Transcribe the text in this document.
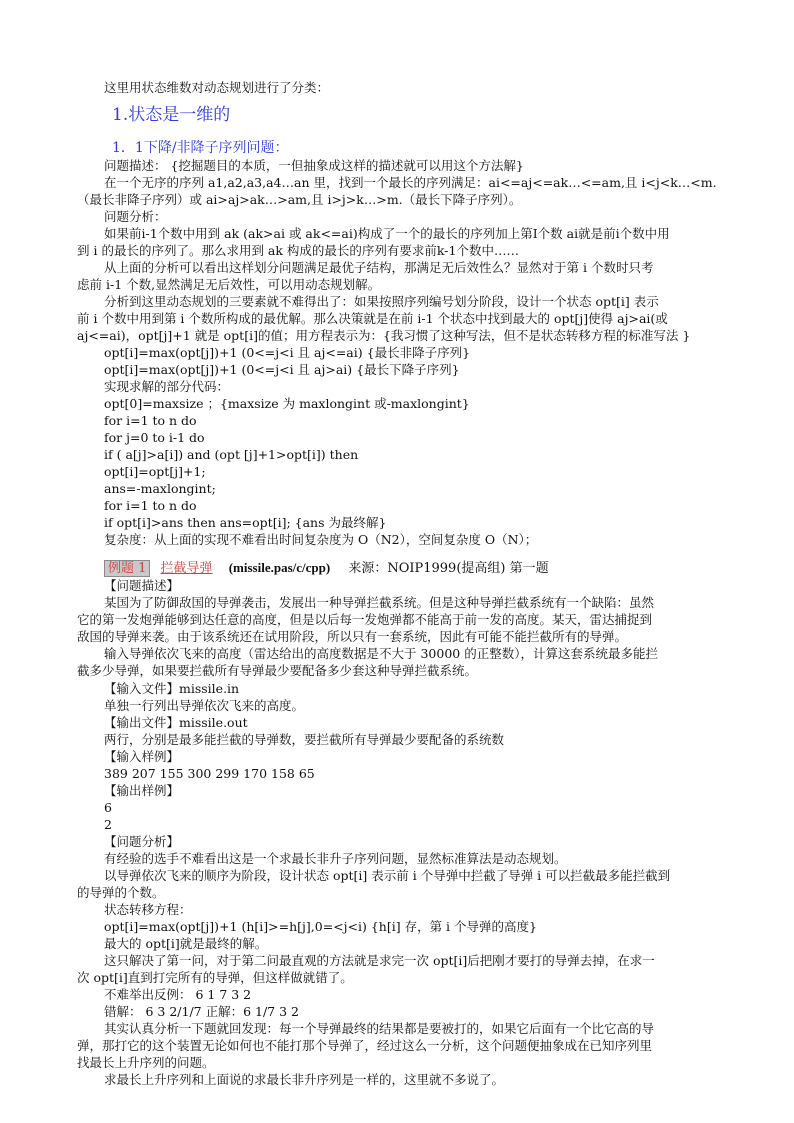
这里用状态维数对动态规划进行了分类：
1.状态是一维的
1．1下降/非降子序列问题：
问题描述： {挖掘题目的本质，一但抽象成这样的描述就可以用这个方法解}
在一个无序的序列 a1,a2,a3,a4…an 里，找到一个最长的序列满足：ai<=aj<=ak…<=am,且 i<j<k…<m.
（最长非降子序列）或 ai>aj>ak…>am,且 i>j>k…>m.（最长下降子序列）。
问题分析：
如果前i-1个数中用到 ak (ak>ai 或 ak<=ai)构成了一个的最长的序列加上第I个数 ai就是前i个数中用
到 i 的最长的序列了。那么求用到 ak 构成的最长的序列有要求前k-1个数中……
从上面的分析可以看出这样划分问题满足最优子结构，那满足无后效性么？显然对于第 i 个数时只考
虑前 i-1 个数,显然满足无后效性，可以用动态规划解。
分析到这里动态规划的三要素就不难得出了：如果按照序列编号划分阶段，设计一个状态 opt[i] 表示
前 i 个数中用到第 i 个数所构成的最优解。那么决策就是在前 i-1 个状态中找到最大的 opt[j]使得 aj>ai(或
aj<=ai)，opt[j]+1 就是 opt[i]的值；用方程表示为：{我习惯了这种写法，但不是状态转移方程的标准写法 }
opt[i]=max(opt[j])+1 (0<=j<i 且 aj<=ai) {最长非降子序列}
opt[i]=max(opt[j])+1 (0<=j<i 且 aj>ai) {最长下降子序列}
实现求解的部分代码：
opt[0]=maxsize ；{maxsize 为 maxlongint 或-maxlongint}
for i=1 to n do
for j=0 to i-1 do
if ( a[j]>a[i]) and (opt [j]+1>opt[i]) then
opt[i]=opt[j]+1;
ans=-maxlongint;
for i=1 to n do
if opt[i]>ans then ans=opt[i]; {ans 为最终解}
复杂度：从上面的实现不难看出时间复杂度为 O（N2），空间复杂度 O（N）；
例题 1 拦截导弹 (missile.pas/c/cpp) 来源：NOIP1999(提高组) 第一题
【问题描述】
某国为了防御敌国的导弹袭击，发展出一种导弹拦截系统。但是这种导弹拦截系统有一个缺陷：虽然
它的第一发炮弹能够到达任意的高度，但是以后每一发炮弹都不能高于前一发的高度。某天，雷达捕捉到
敌国的导弹来袭。由于该系统还在试用阶段，所以只有一套系统，因此有可能不能拦截所有的导弹。
输入导弹依次飞来的高度（雷达给出的高度数据是不大于 30000 的正整数），计算这套系统最多能拦
截多少导弹，如果要拦截所有导弹最少要配备多少套这种导弹拦截系统。
【输入文件】missile.in
单独一行列出导弹依次飞来的高度。
【输出文件】missile.out
两行，分别是最多能拦截的导弹数，要拦截所有导弹最少要配备的系统数
【输入样例】
389 207 155 300 299 170 158 65
【输出样例】
6
2
【问题分析】
有经验的选手不难看出这是一个求最长非升子序列问题，显然标准算法是动态规划。
以导弹依次飞来的顺序为阶段，设计状态 opt[i] 表示前 i 个导弹中拦截了导弹 i 可以拦截最多能拦截到
的导弹的个数。
状态转移方程：
opt[i]=max(opt[j])+1 (h[i]>=h[j],0=<j<i) {h[i] 存，第 i 个导弹的高度}
最大的 opt[i]就是最终的解。
这只解决了第一问，对于第二问最直观的方法就是求完一次 opt[i]后把刚才要打的导弹去掉，在求一
次 opt[i]直到打完所有的导弹，但这样做就错了。
不难举出反例： 6 1 7 3 2
错解： 6 3 2/1/7 正解：6 1/7 3 2
其实认真分析一下题就回发现：每一个导弹最终的结果都是要被打的，如果它后面有一个比它高的导
弹，那打它的这个装置无论如何也不能打那个导弹了，经过这么一分析，这个问题便抽象成在已知序列里
找最长上升序列的问题。
求最长上升序列和上面说的求最长非升序列是一样的，这里就不多说了。
